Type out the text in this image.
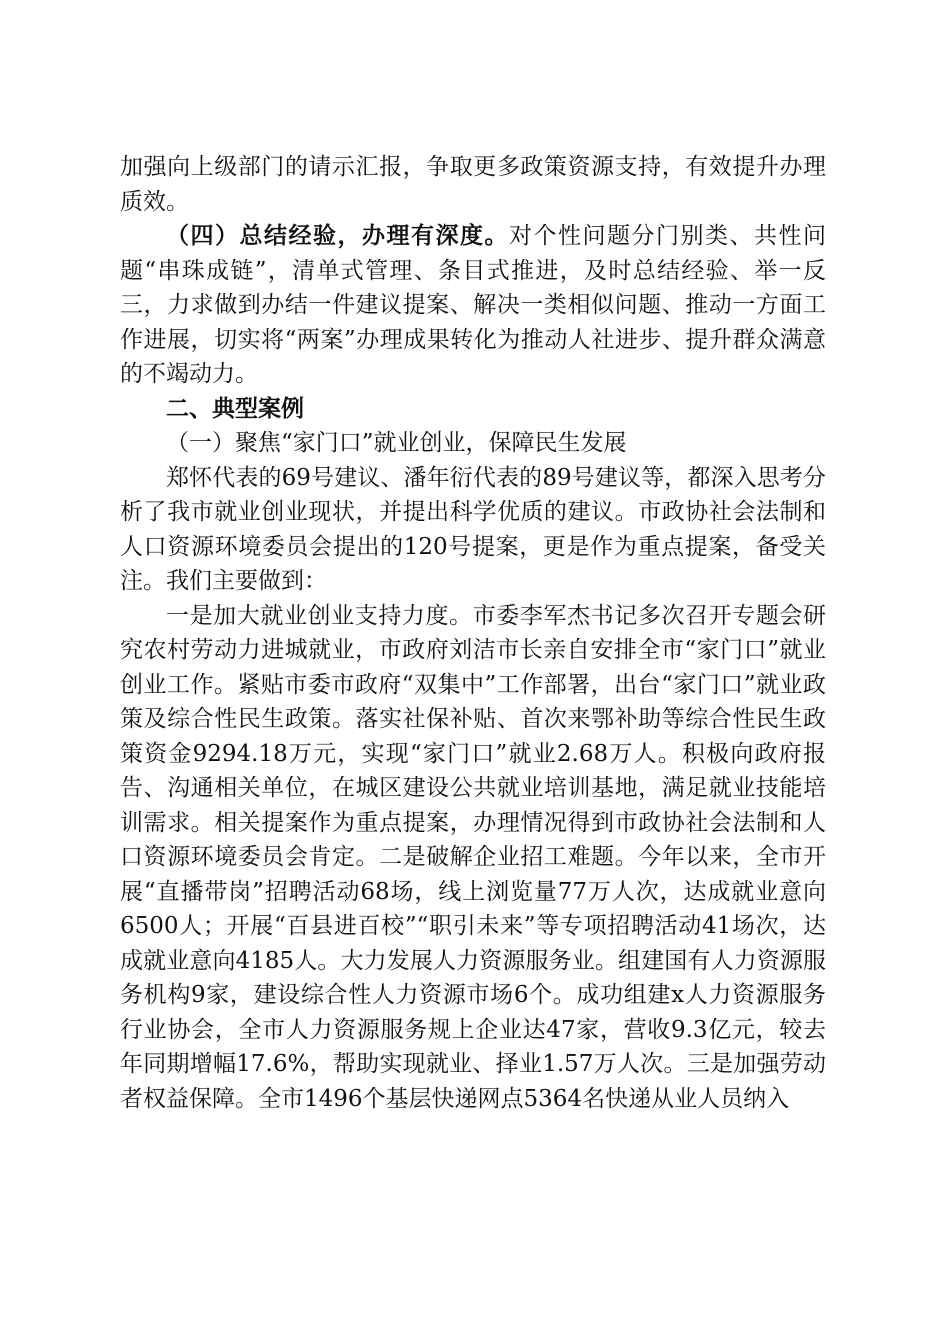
加强向上级部门的请示汇报，争取更多政策资源支持，有效提升办理质效。

（四）总结经验，办理有深度。对个性问题分门别类、共性问题“串珠成链”，清单式管理、条目式推进，及时总结经验、举一反三，力求做到办结一件建议提案、解决一类相似问题、推动一方面工作进展，切实将“两案”办理成果转化为推动人社进步、提升群众满意的不竭动力。

二、典型案例

（一）聚焦“家门口”就业创业，保障民生发展

郑怀代表的69号建议、潘年衍代表的89号建议等，都深入思考分析了我市就业创业现状，并提出科学优质的建议。市政协社会法制和人口资源环境委员会提出的120号提案，更是作为重点提案，备受关注。我们主要做到：

一是加大就业创业支持力度。市委李军杰书记多次召开专题会研究农村劳动力进城就业，市政府刘洁市长亲自安排全市“家门口”就业创业工作。紧贴市委市政府“双集中”工作部署，出台“家门口”就业政策及综合性民生政策。落实社保补贴、首次来鄂补助等综合性民生政策资金9294.18万元，实现“家门口”就业2.68万人。积极向政府报告、沟通相关单位，在城区建设公共就业培训基地，满足就业技能培训需求。相关提案作为重点提案，办理情况得到市政协社会法制和人口资源环境委员会肯定。二是破解企业招工难题。今年以来，全市开展“直播带岗”招聘活动68场，线上浏览量77万人次，达成就业意向6500人；开展“百县进百校”“职引未来”等专项招聘活动41场次，达成就业意向4185人。大力发展人力资源服务业。组建国有人力资源服务机构9家，建设综合性人力资源市场6个。成功组建x人力资源服务行业协会，全市人力资源服务规上企业达47家，营收9.3亿元，较去年同期增幅17.6%，帮助实现就业、择业1.57万人次。三是加强劳动者权益保障。全市1496个基层快递网点5364名快递从业人员纳入
